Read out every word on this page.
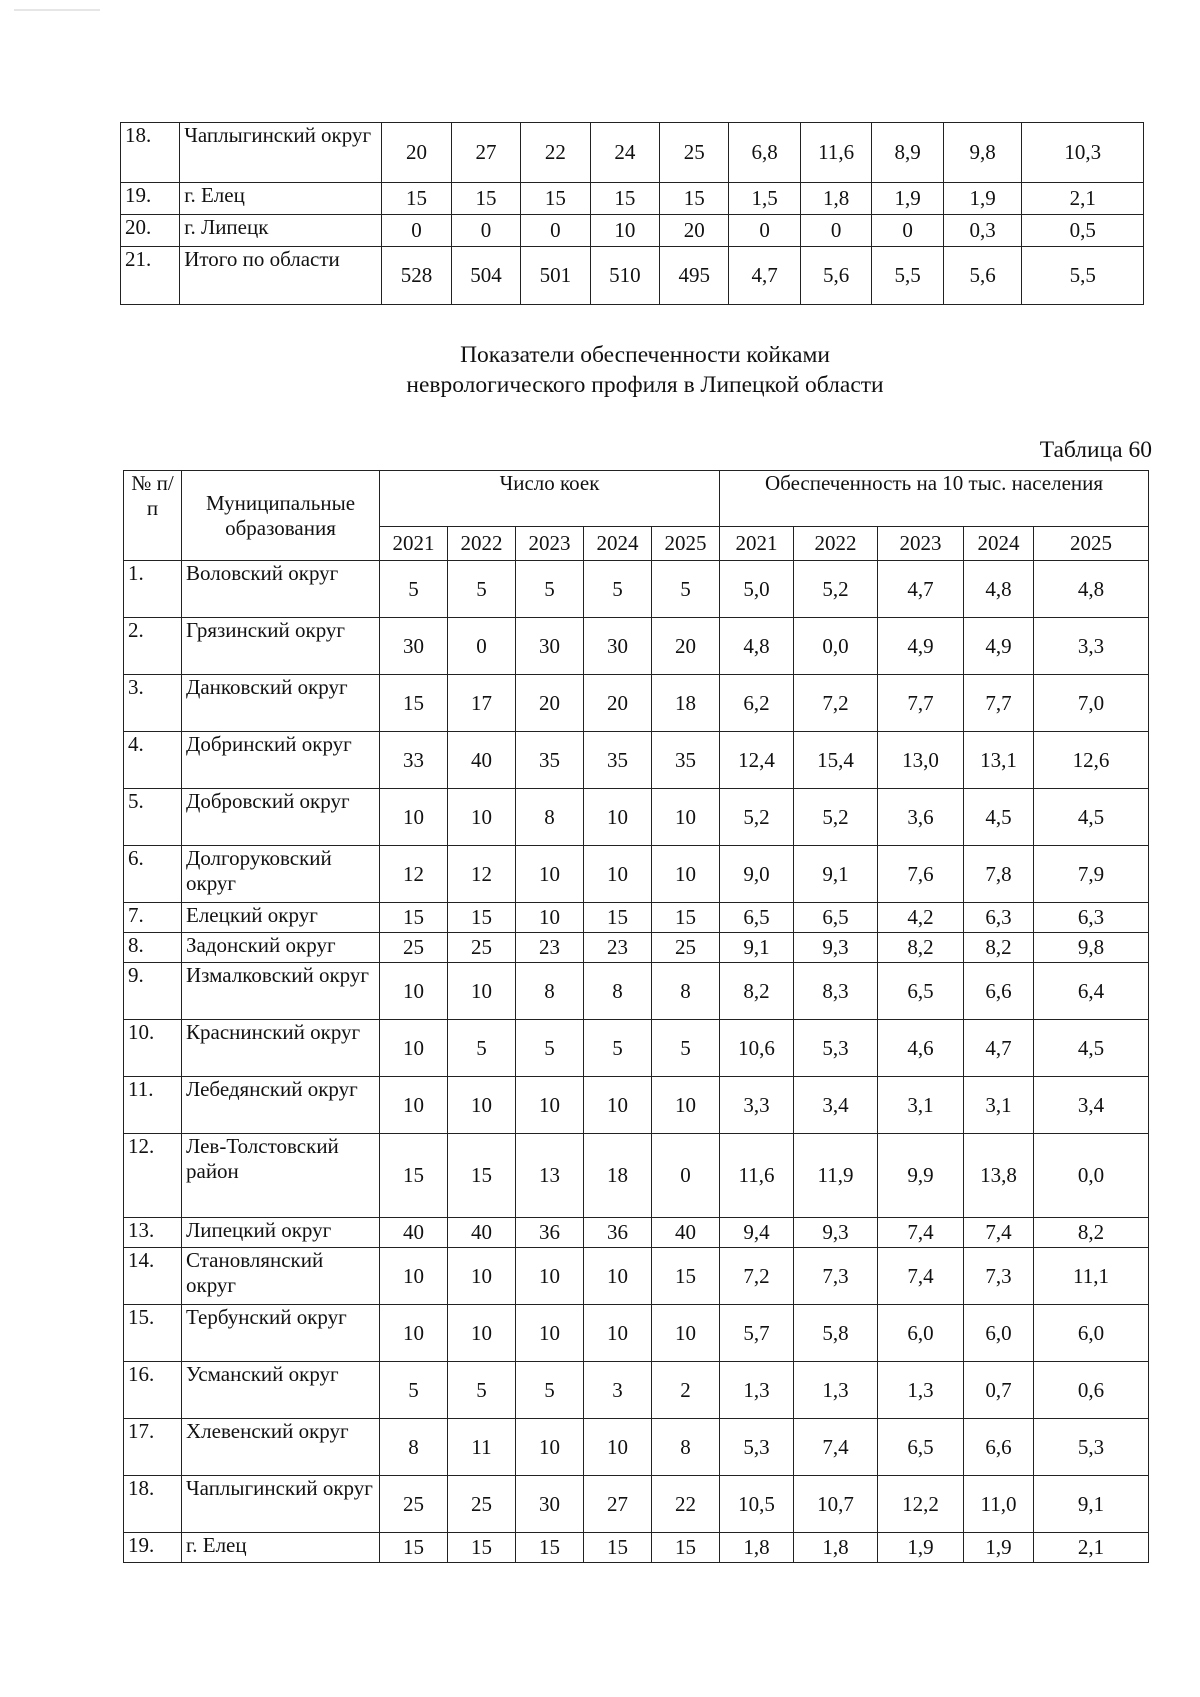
18.	Чаплыгинский округ	20	27	22	24	25	6,8	11,6	8,9	9,8	10,3
19.	г. Елец	15	15	15	15	15	1,5	1,8	1,9	1,9	2,1
20.	г. Липецк	0	0	0	10	20	0	0	0	0,3	0,5
21.	Итого по области	528	504	501	510	495	4,7	5,6	5,5	5,6	5,5
Показатели обеспеченности койками
неврологического профиля в Липецкой области
Таблица 60
№ п/п	Муниципальные образования	Число коек					Обеспеченность на 10 тыс. населения				
		2021	2022	2023	2024	2025	2021	2022	2023	2024	2025
1.	Воловский округ	5	5	5	5	5	5,0	5,2	4,7	4,8	4,8
2.	Грязинский округ	30	0	30	30	20	4,8	0,0	4,9	4,9	3,3
3.	Данковский округ	15	17	20	20	18	6,2	7,2	7,7	7,7	7,0
4.	Добринский округ	33	40	35	35	35	12,4	15,4	13,0	13,1	12,6
5.	Добровский округ	10	10	8	10	10	5,2	5,2	3,6	4,5	4,5
6.	Долгоруковский округ	12	12	10	10	10	9,0	9,1	7,6	7,8	7,9
7.	Елецкий округ	15	15	10	15	15	6,5	6,5	4,2	6,3	6,3
8.	Задонский округ	25	25	23	23	25	9,1	9,3	8,2	8,2	9,8
9.	Измалковский округ	10	10	8	8	8	8,2	8,3	6,5	6,6	6,4
10.	Краснинский округ	10	5	5	5	5	10,6	5,3	4,6	4,7	4,5
11.	Лебедянский округ	10	10	10	10	10	3,3	3,4	3,1	3,1	3,4
12.	Лев-Толстовский район	15	15	13	18	0	11,6	11,9	9,9	13,8	0,0
13.	Липецкий округ	40	40	36	36	40	9,4	9,3	7,4	7,4	8,2
14.	Становлянский округ	10	10	10	10	15	7,2	7,3	7,4	7,3	11,1
15.	Тербунский округ	10	10	10	10	10	5,7	5,8	6,0	6,0	6,0
16.	Усманский округ	5	5	5	3	2	1,3	1,3	1,3	0,7	0,6
17.	Хлевенский округ	8	11	10	10	8	5,3	7,4	6,5	6,6	5,3
18.	Чаплыгинский округ	25	25	30	27	22	10,5	10,7	12,2	11,0	9,1
19.	г. Елец	15	15	15	15	15	1,8	1,8	1,9	1,9	2,1
